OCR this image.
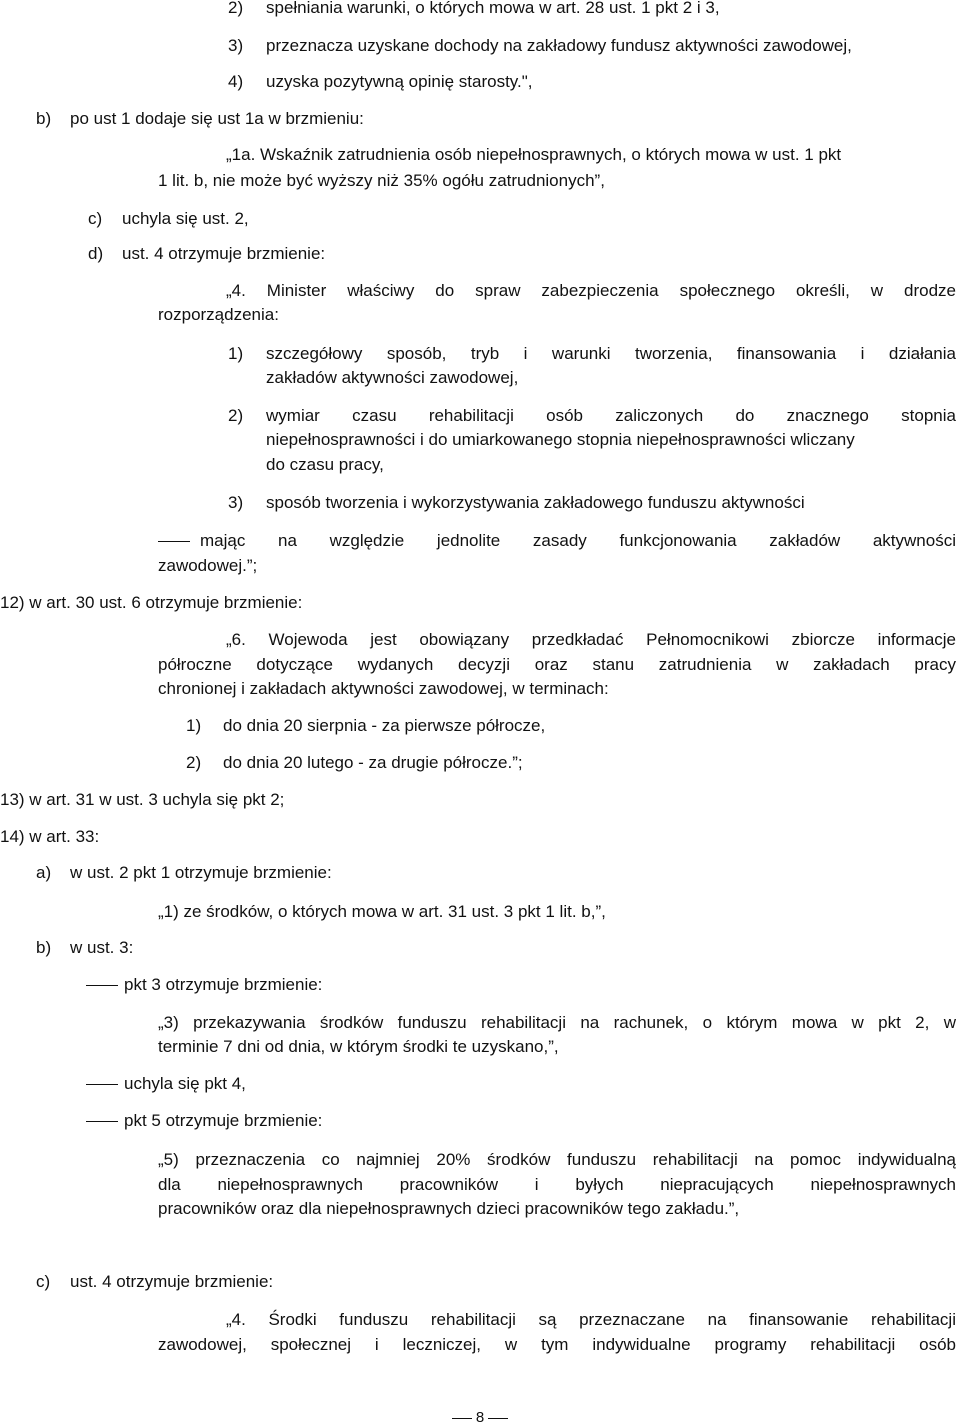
2) spełniania warunki, o których mowa w art. 28 ust. 1 pkt 2 i 3,
3) przeznacza uzyskane dochody na zakładowy fundusz aktywności zawodowej,
4) uzyska pozytywną opinię starosty.",
b) po ust 1 dodaje się ust 1a w brzmieniu:
„1a. Wskaźnik zatrudnienia osób niepełnosprawnych, o których mowa w ust. 1 pkt
1 lit. b, nie może być wyższy niż 35% ogółu zatrudnionych”,
c) uchyla się ust. 2,
d) ust. 4 otrzymuje brzmienie:
„4. Minister właściwy do spraw zabezpieczenia społecznego określi, w drodze
rozporządzenia:
1) szczegółowy sposób, tryb i warunki tworzenia, finansowania i działania
zakładów aktywności zawodowej,
2) wymiar czasu rehabilitacji osób zaliczonych do znacznego stopnia
niepełnosprawności i do umiarkowanego stopnia niepełnosprawności wliczany
do czasu pracy,
3) sposób tworzenia i wykorzystywania zakładowego funduszu aktywności
mając na względzie jednolite zasady funkcjonowania zakładów aktywności
zawodowej.”;
12) w art. 30 ust. 6 otrzymuje brzmienie:
„6. Wojewoda jest obowiązany przedkładać Pełnomocnikowi zbiorcze informacje
półroczne dotyczące wydanych decyzji oraz stanu zatrudnienia w zakładach pracy
chronionej i zakładach aktywności zawodowej, w terminach:
1) do dnia 20 sierpnia - za pierwsze półrocze,
2) do dnia 20 lutego - za drugie półrocze.”;
13) w art. 31 w ust. 3 uchyla się pkt 2;
14) w art. 33:
a) w ust. 2 pkt 1 otrzymuje brzmienie:
„1) ze środków, o których mowa w art. 31 ust. 3 pkt 1 lit. b,”,
b) w ust. 3:
pkt 3 otrzymuje brzmienie:
„3) przekazywania środków funduszu rehabilitacji na rachunek, o którym mowa w pkt 2, w
terminie 7 dni od dnia, w którym środki te uzyskano,”,
uchyla się pkt 4,
pkt 5 otrzymuje brzmienie:
„5) przeznaczenia co najmniej 20% środków funduszu rehabilitacji na pomoc indywidualną
dla niepełnosprawnych pracowników i byłych niepracujących niepełnosprawnych
pracowników oraz dla niepełnosprawnych dzieci pracowników tego zakładu.”,
c) ust. 4 otrzymuje brzmienie:
„4. Środki funduszu rehabilitacji są przeznaczane na finansowanie rehabilitacji
zawodowej, społecznej i leczniczej, w tym indywidualne programy rehabilitacji osób
8
